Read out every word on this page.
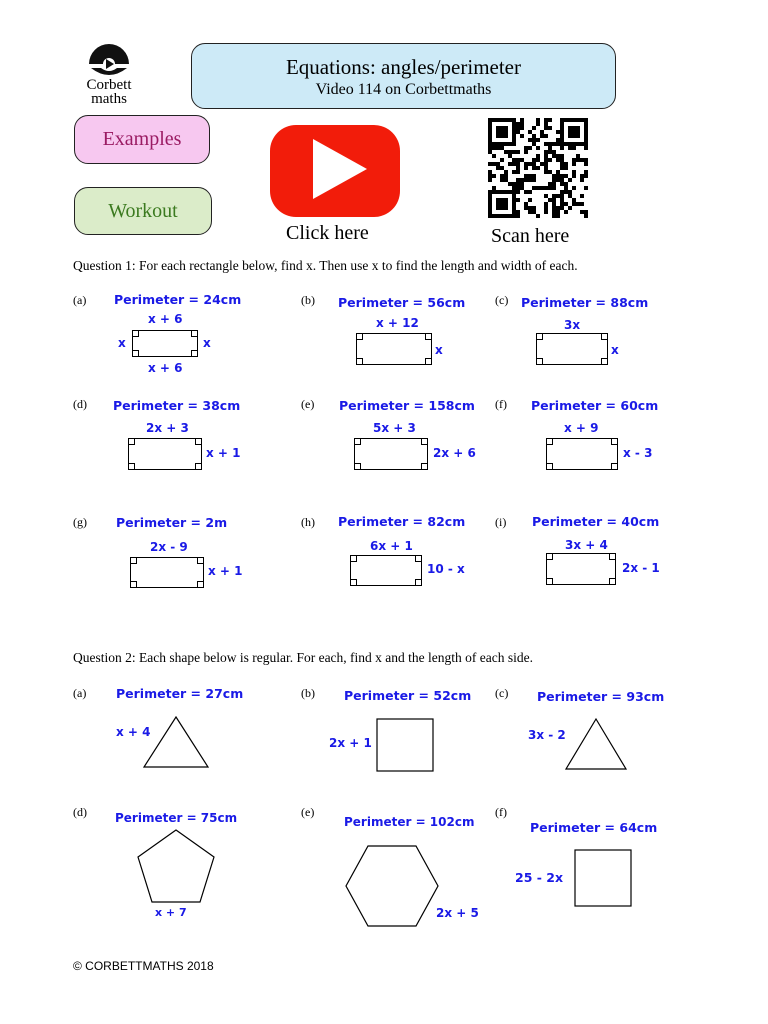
Corbett
maths
Equations: angles/perimeter
Video 114 on Corbettmaths
Examples
Workout
Click here	Scan here
Question 1: For each rectangle below, find x. Then use x to find the length and width of each.
(a) Perimeter = 24cm
x + 6
x	x
x + 6
(b) Perimeter = 56cm
x + 12
x
(c) Perimeter = 88cm
3x
x
(d) Perimeter = 38cm
2x + 3
x + 1
(e) Perimeter = 158cm
5x + 3
2x + 6
(f) Perimeter = 60cm
x + 9
x - 3
(g) Perimeter = 2m
2x - 9
x + 1
(h) Perimeter = 82cm
6x + 1
10 - x
(i) Perimeter = 40cm
3x + 4
2x - 1
Question 2: Each shape below is regular. For each, find x and the length of each side.
(a) Perimeter = 27cm
x + 4
(b) Perimeter = 52cm
2x + 1
(c) Perimeter = 93cm
3x - 2
(d) Perimeter = 75cm
x + 7
(e)
Perimeter = 102cm
2x + 5
(f)
Perimeter = 64cm
25 - 2x
© CORBETTMATHS 2018
